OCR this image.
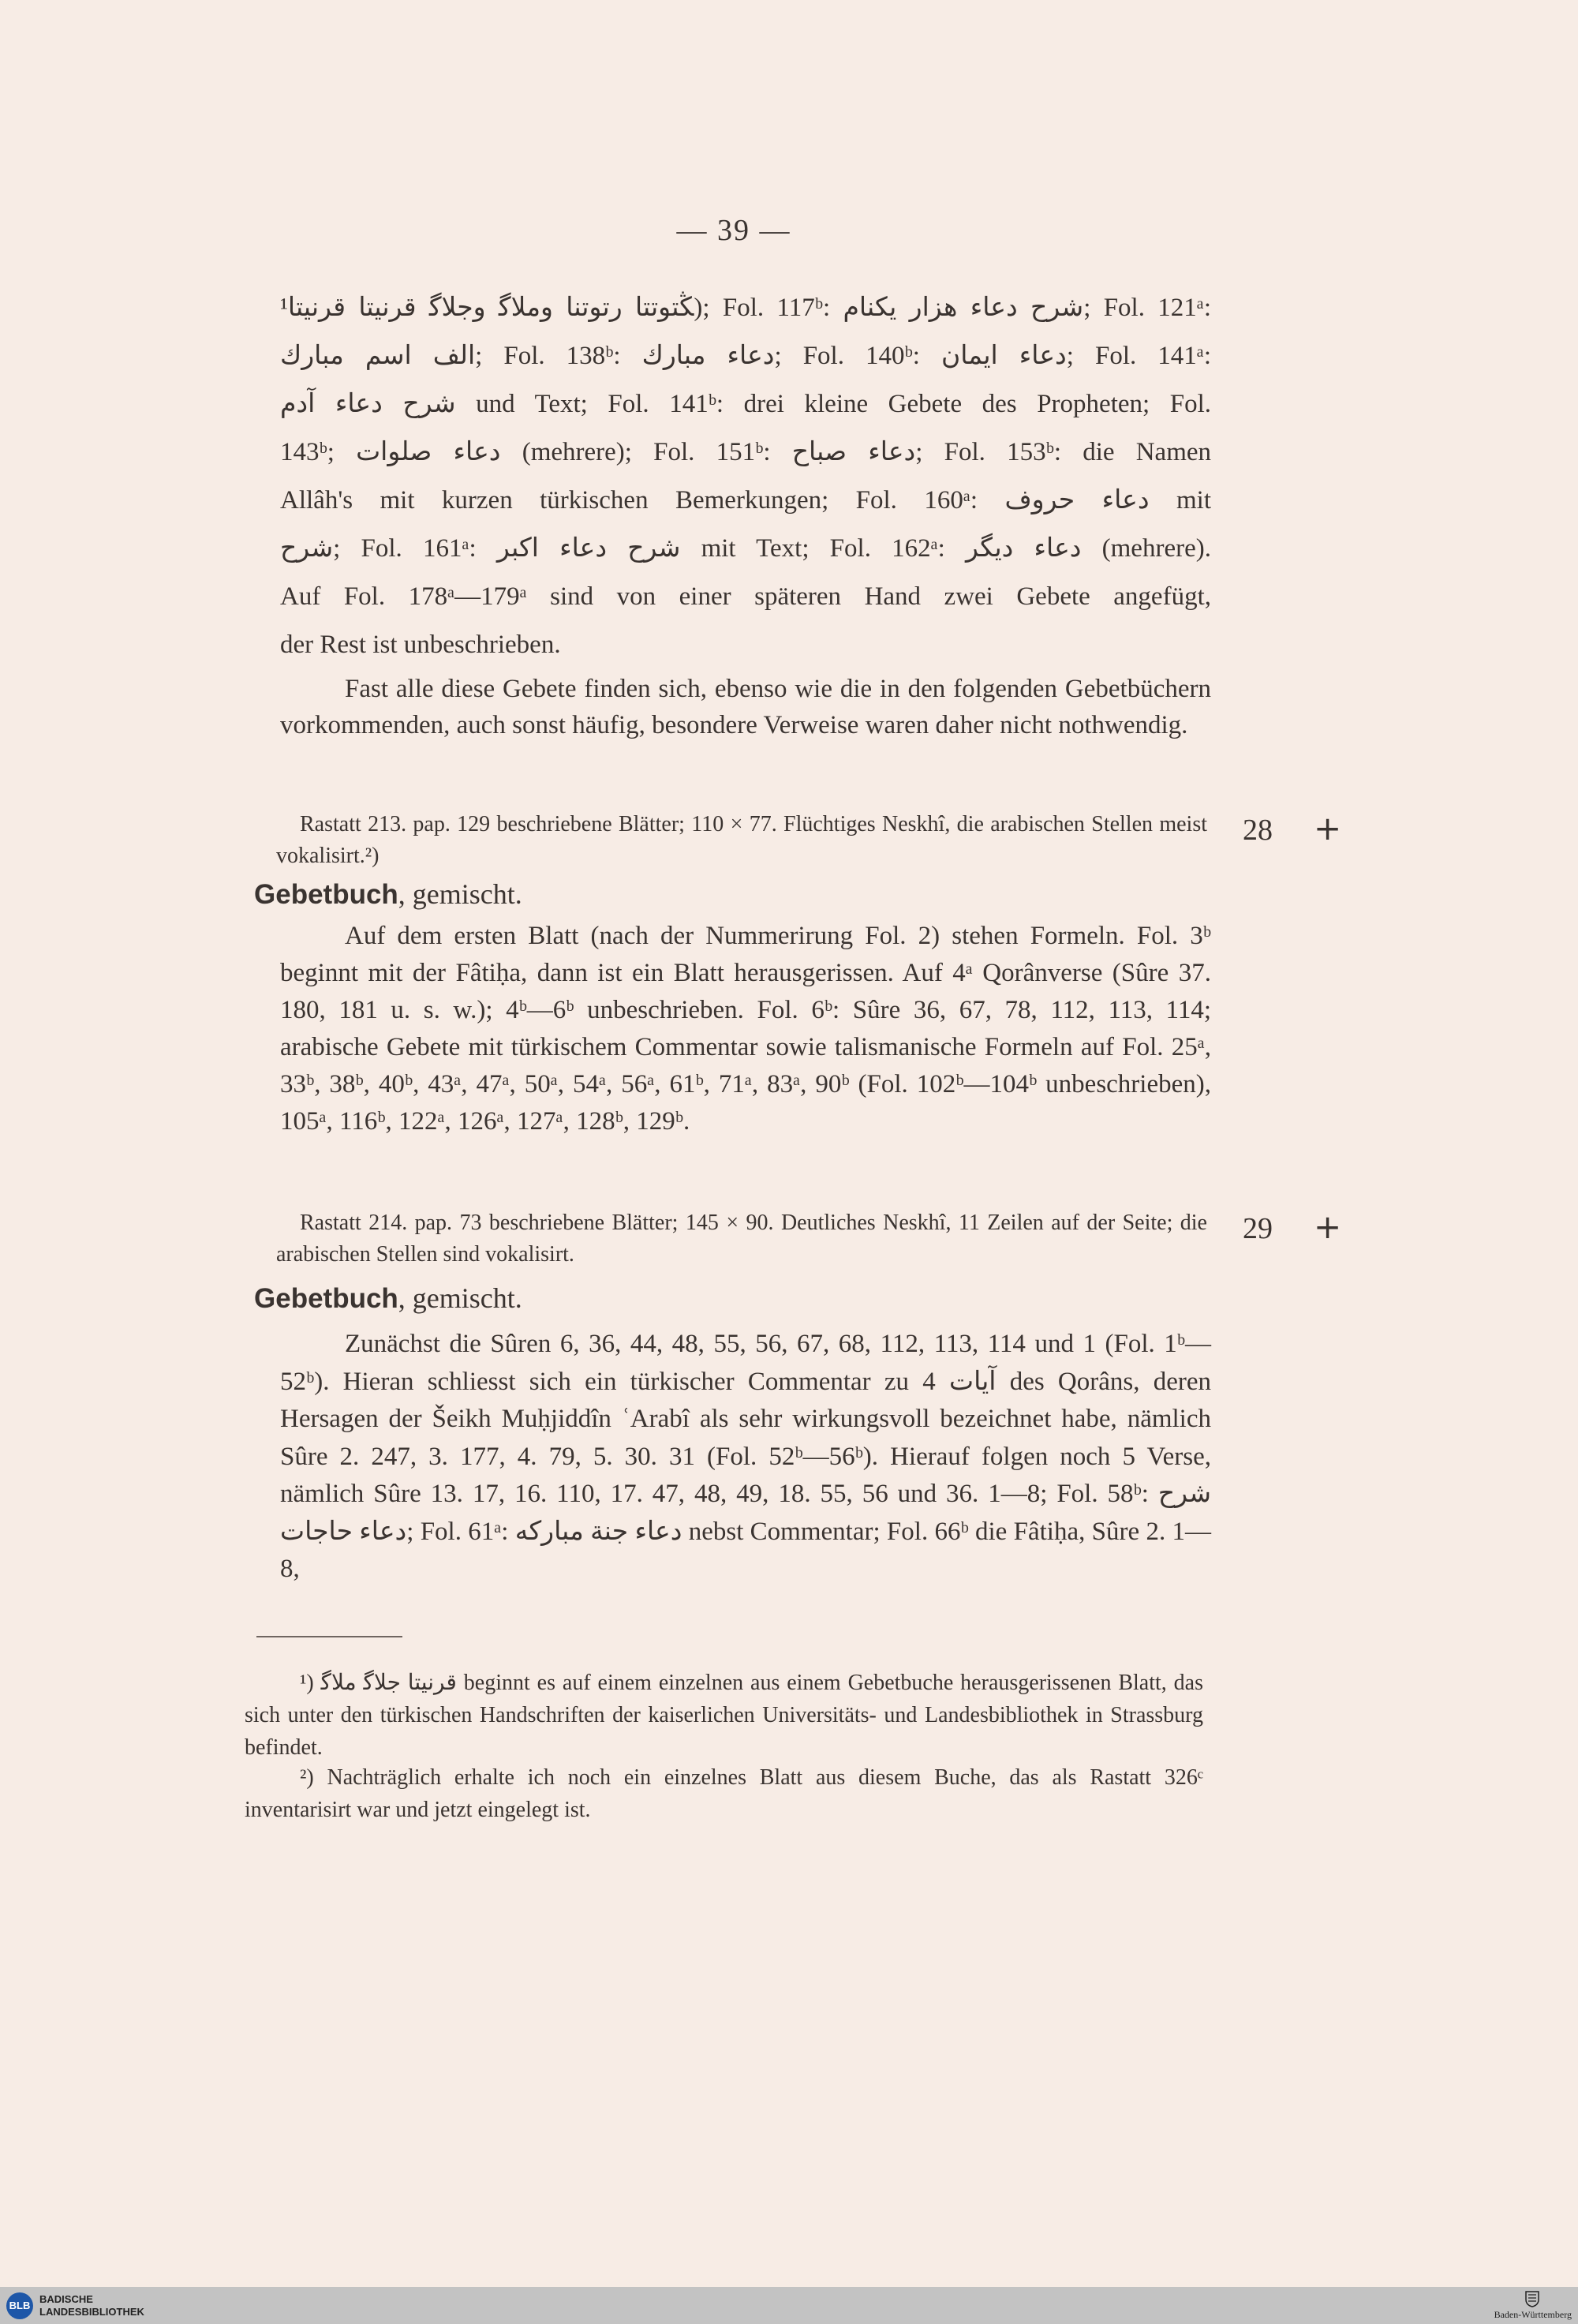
— 39 —

ﯖﺘﻮﺗﺘﺎ ﺭﺗﻮﺗﻨﺎ ﻭﻣﻼﮔ ﻭﺟﻼﮔ ﻗﺮﻧﻴﺘﺎ ﻗﺮﻧﻴﺘﺎ¹); Fol. 117ᵇ: ﺷﺮﺡ ﺩﻋﺎﺀ ﻫﺰﺍﺭ ﻳﻜﻨﺎﻡ; Fol. 121ᵃ:

ﺍﻟﻒ ﺍﺳﻢ ﻣﺒﺎﺭﻙ; Fol. 138ᵇ: ﺩﻋﺎﺀ ﻣﺒﺎﺭﻙ; Fol. 140ᵇ: ﺩﻋﺎﺀ ﺍﻳﻤﺎﻥ; Fol. 141ᵃ:

ﺷﺮﺡ ﺩﻋﺎﺀ ﺁﺩﻡ und Text; Fol. 141ᵇ: drei kleine Gebete des Propheten; Fol.

143ᵇ; ﺩﻋﺎﺀ ﺻﻠﻮﺍﺕ (mehrere); Fol. 151ᵇ: ﺩﻋﺎﺀ ﺻﺒﺎﺡ; Fol. 153ᵇ: die Namen

Allâh's mit kurzen türkischen Bemerkungen; Fol. 160ᵃ: ﺩﻋﺎﺀ ﺣﺮﻭﻑ mit

ﺷﺮﺡ; Fol. 161ᵃ: ﺷﺮﺡ ﺩﻋﺎﺀ ﺍﻛﺒﺮ mit Text; Fol. 162ᵃ: ﺩﻋﺎﺀ ﺩﻳﮕﺮ (mehrere).

Auf Fol. 178ᵃ—179ᵃ sind von einer späteren Hand zwei Gebete angefügt,

der Rest ist unbeschrieben.

Fast alle diese Gebete finden sich, ebenso wie die in den folgenden Gebetbüchern vorkommenden, auch sonst häufig, besondere Verweise waren daher nicht nothwendig.

28 +

Rastatt 213. pap. 129 beschriebene Blätter; 110 × 77. Flüchtiges Neskhî, die arabischen Stellen meist vokalisirt.²)

Gebetbuch, gemischt.

Auf dem ersten Blatt (nach der Nummerirung Fol. 2) stehen Formeln. Fol. 3ᵇ beginnt mit der Fâtiḥa, dann ist ein Blatt herausgerissen. Auf 4ᵃ Qorânverse (Sûre 37. 180, 181 u. s. w.); 4ᵇ—6ᵇ unbeschrieben. Fol. 6ᵇ: Sûre 36, 67, 78, 112, 113, 114; arabische Gebete mit türkischem Commentar sowie talismanische Formeln auf Fol. 25ᵃ, 33ᵇ, 38ᵇ, 40ᵇ, 43ᵃ, 47ᵃ, 50ᵃ, 54ᵃ, 56ᵃ, 61ᵇ, 71ᵃ, 83ᵃ, 90ᵇ (Fol. 102ᵇ—104ᵇ unbeschrieben), 105ᵃ, 116ᵇ, 122ᵃ, 126ᵃ, 127ᵃ, 128ᵇ, 129ᵇ.

29 +

Rastatt 214. pap. 73 beschriebene Blätter; 145 × 90. Deutliches Neskhî, 11 Zeilen auf der Seite; die arabischen Stellen sind vokalisirt.

Gebetbuch, gemischt.

Zunächst die Sûren 6, 36, 44, 48, 55, 56, 67, 68, 112, 113, 114 und 1 (Fol. 1ᵇ—52ᵇ). Hieran schliesst sich ein türkischer Commentar zu 4 ﺁﻳﺎﺕ des Qorâns, deren Hersagen der Šeikh Muḥjiddîn ʿArabî als sehr wirkungsvoll bezeichnet habe, nämlich Sûre 2. 247, 3. 177, 4. 79, 5. 30. 31 (Fol. 52ᵇ—56ᵇ). Hierauf folgen noch 5 Verse, nämlich Sûre 13. 17, 16. 110, 17. 47, 48, 49, 18. 55, 56 und 36. 1—8; Fol. 58ᵇ: ﺷﺮﺡ ﺩﻋﺎﺀ ﺣﺎﺟﺎﺕ; Fol. 61ᵃ: ﺩﻋﺎﺀ ﺟﻨﺔ ﻣﺒﺎﺭﻛﻪ nebst Commentar; Fol. 66ᵇ die Fâtiḥa, Sûre 2. 1—8,

¹) ﻗﺮﻧﻴﺘﺎ ﺟﻼﮔ ﻣﻼﮔ beginnt es auf einem einzelnen aus einem Gebetbuche herausgerissenen Blatt, das sich unter den türkischen Handschriften der kaiserlichen Universitäts- und Landesbibliothek in Strassburg befindet.

²) Nachträglich erhalte ich noch ein einzelnes Blatt aus diesem Buche, das als Rastatt 326ᶜ inventarisirt war und jetzt eingelegt ist.

BLB
BADISCHE
LANDESBIBLIOTHEK	Baden-Württemberg
